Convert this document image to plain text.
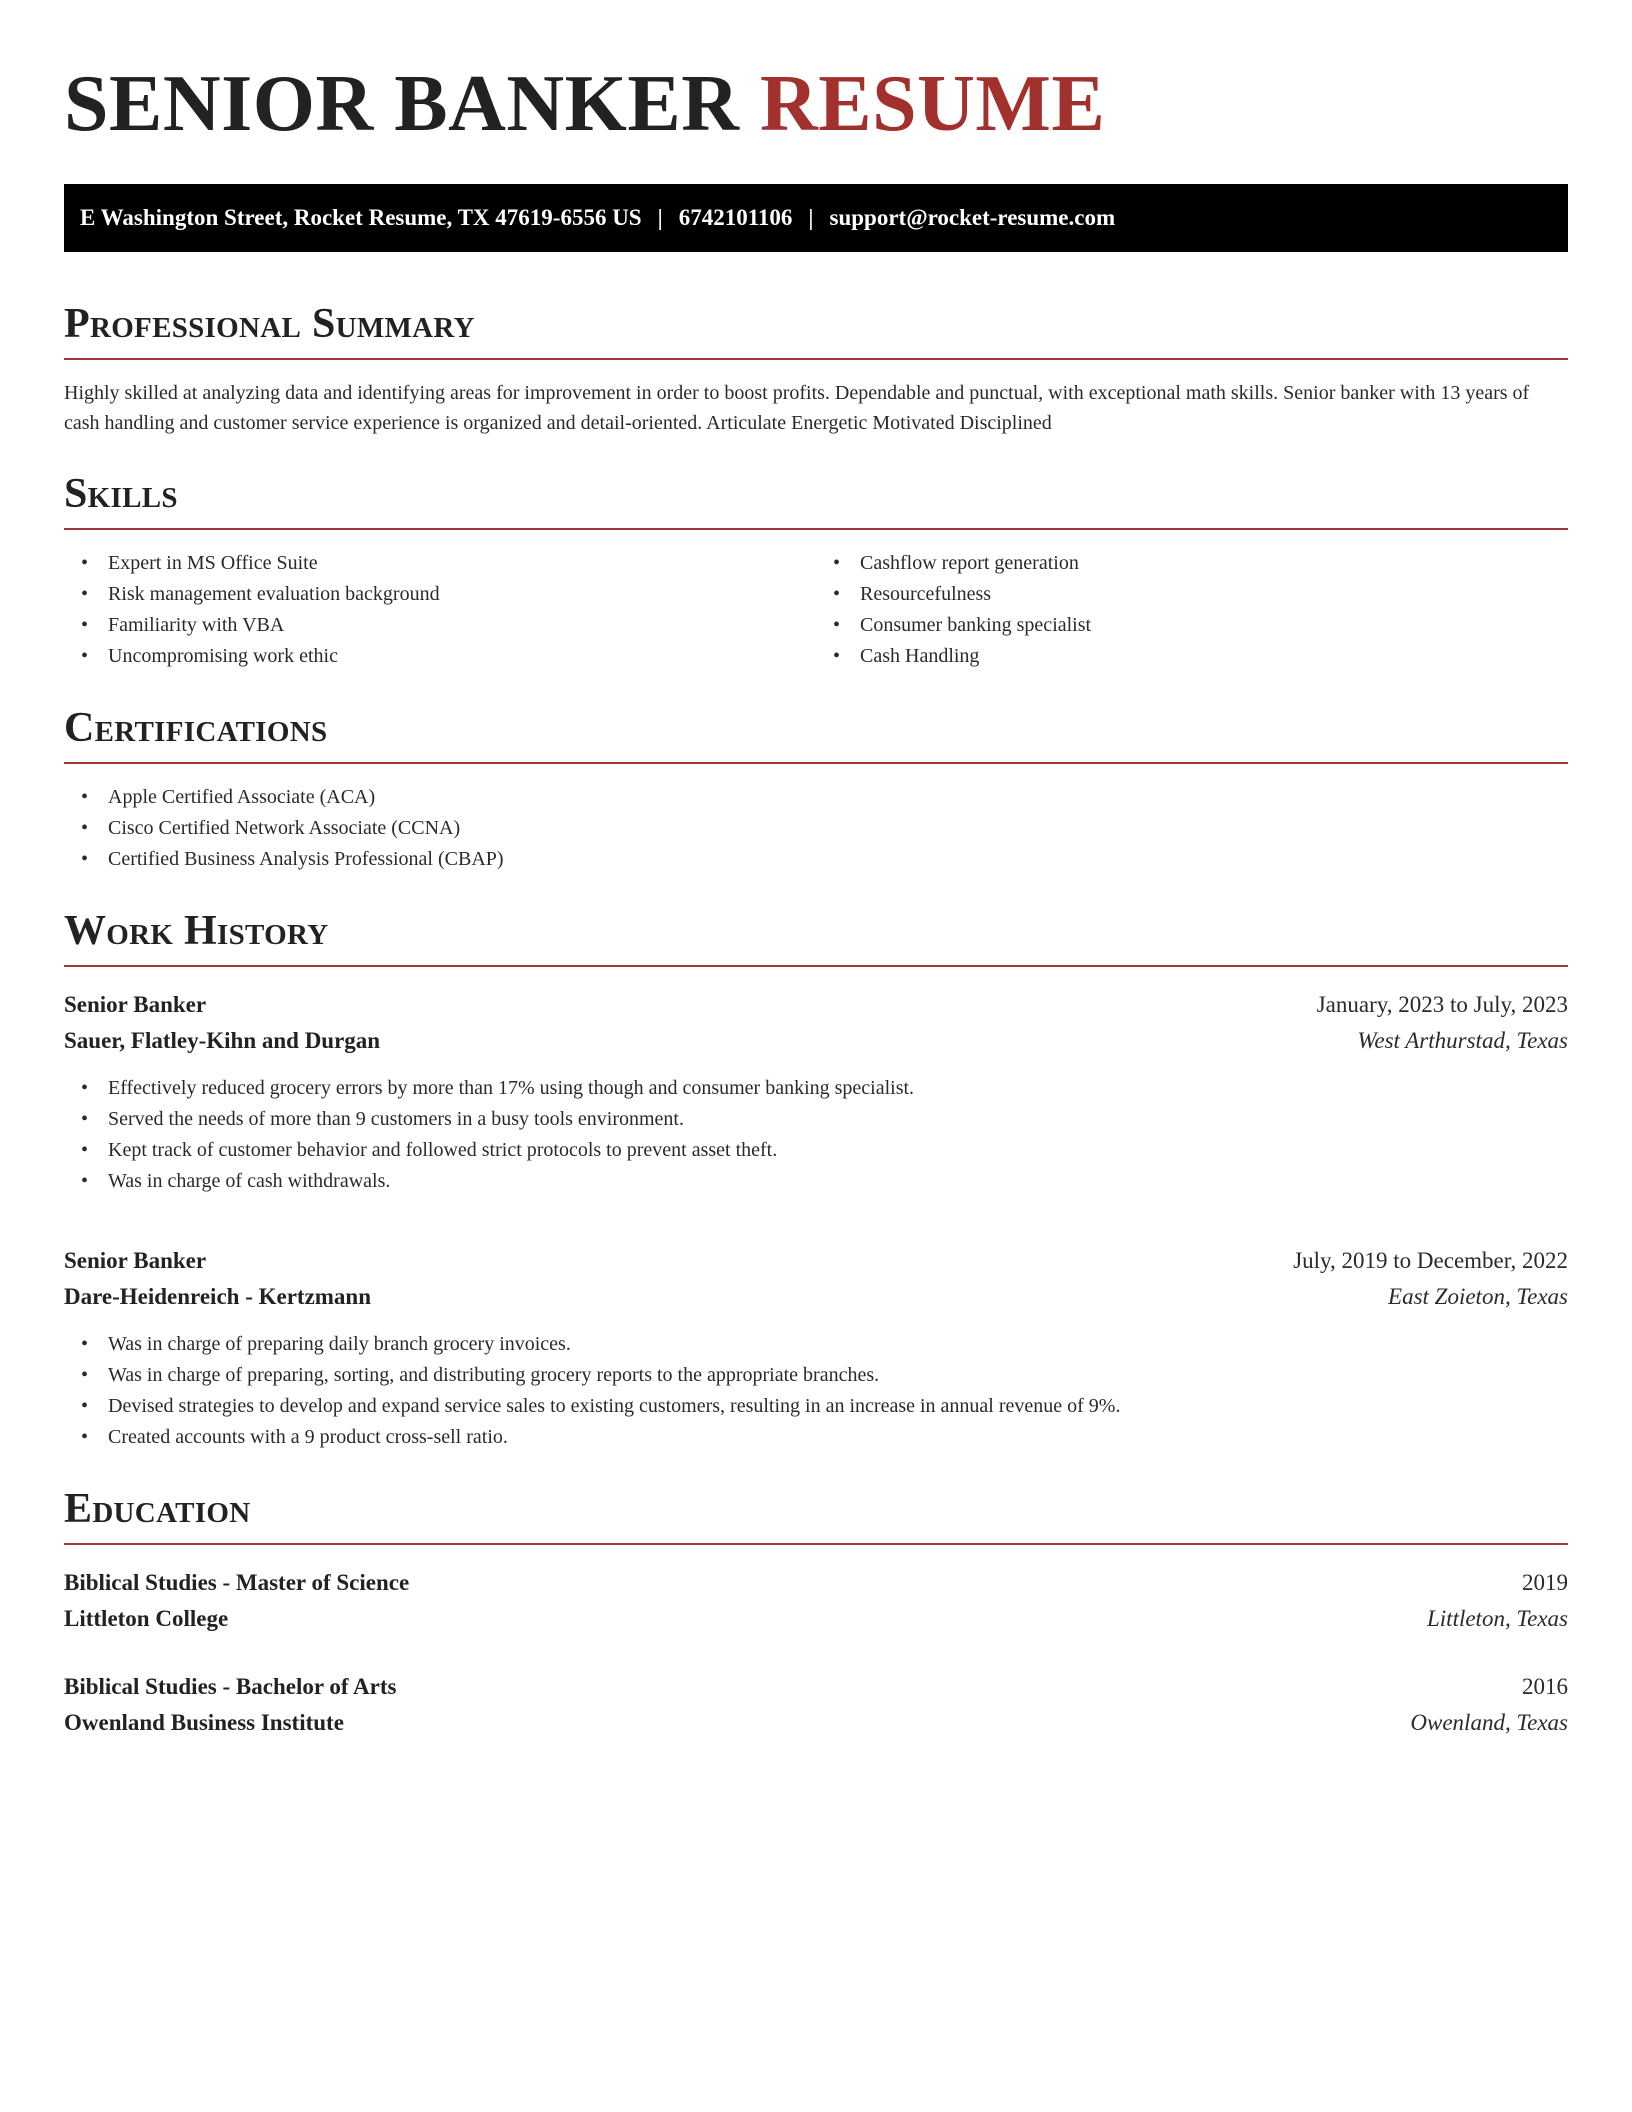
SENIOR BANKER RESUME
E Washington Street, Rocket Resume, TX 47619-6556 US | 6742101106 | support@rocket-resume.com
Professional Summary

Highly skilled at analyzing data and identifying areas for improvement in order to boost profits. Dependable and punctual, with exceptional math skills. Senior banker with 13 years of cash handling and customer service experience is organized and detail-oriented. Articulate Energetic Motivated Disciplined

Skills
• Expert in MS Office Suite
• Risk management evaluation background
• Familiarity with VBA
• Uncompromising work ethic
• Cashflow report generation
• Resourcefulness
• Consumer banking specialist
• Cash Handling
Certifications
• Apple Certified Associate (ACA)
• Cisco Certified Network Associate (CCNA)
• Certified Business Analysis Professional (CBAP)
Work History
Senior Banker	January, 2023 to July, 2023
Sauer, Flatley-Kihn and Durgan	West Arthurstad, Texas
• Effectively reduced grocery errors by more than 17% using though and consumer banking specialist.
• Served the needs of more than 9 customers in a busy tools environment.
• Kept track of customer behavior and followed strict protocols to prevent asset theft.
• Was in charge of cash withdrawals.
Senior Banker	July, 2019 to December, 2022
Dare-Heidenreich - Kertzmann	East Zoieton, Texas
• Was in charge of preparing daily branch grocery invoices.
• Was in charge of preparing, sorting, and distributing grocery reports to the appropriate branches.
• Devised strategies to develop and expand service sales to existing customers, resulting in an increase in annual revenue of 9%.
• Created accounts with a 9 product cross-sell ratio.
Education
Biblical Studies - Master of Science	2019
Littleton College	Littleton, Texas
Biblical Studies - Bachelor of Arts	2016
Owenland Business Institute	Owenland, Texas
